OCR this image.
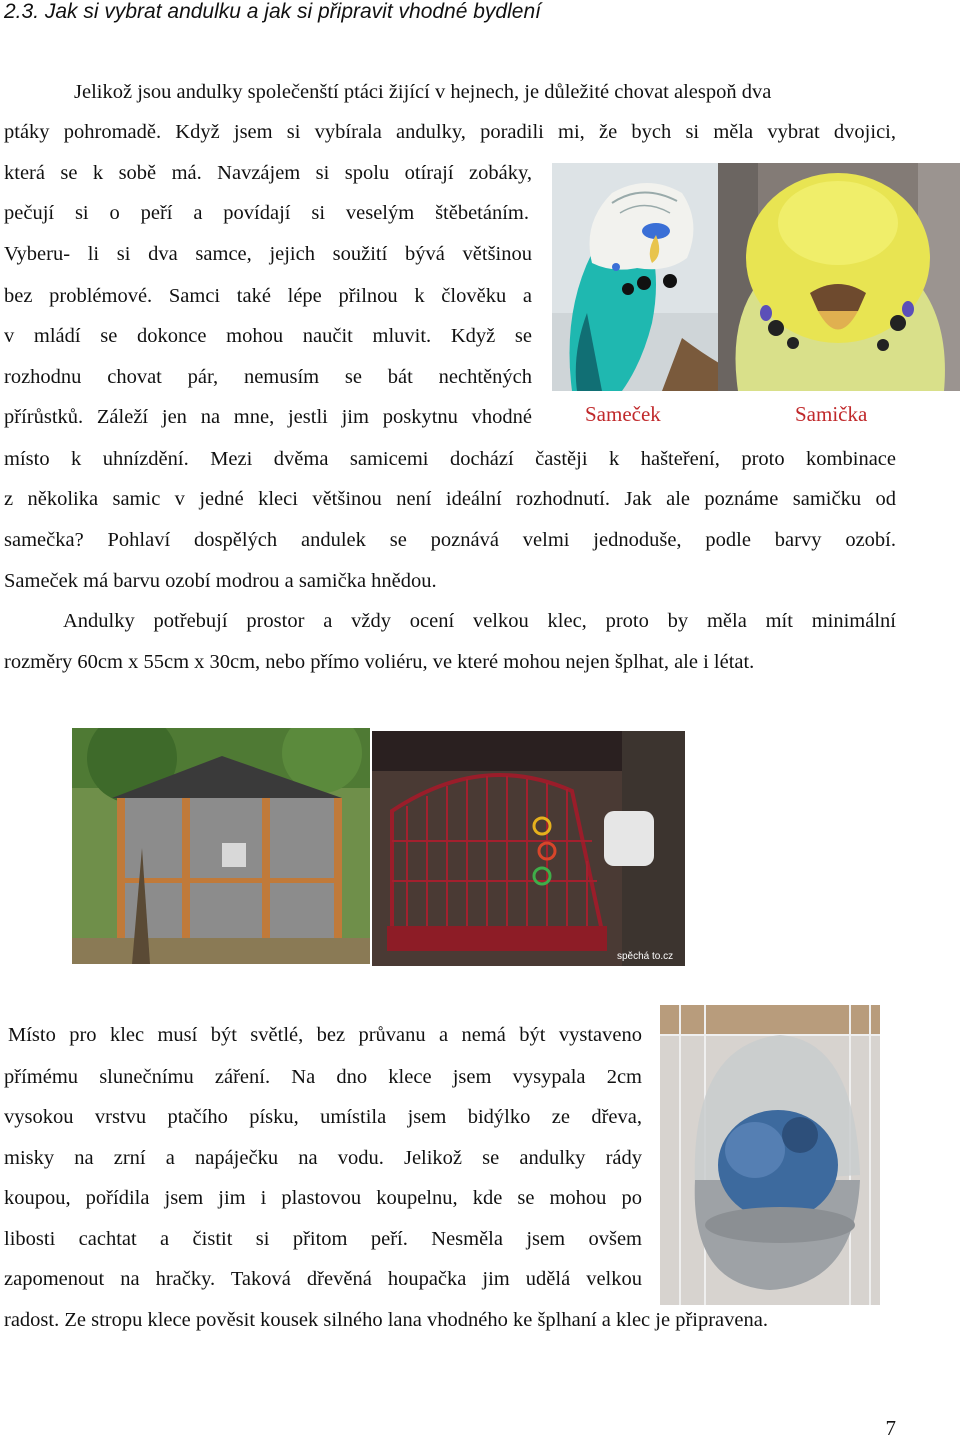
2.3. Jak si vybrat andulku a jak si připravit vhodné bydlení
Jelikož jsou andulky společenští ptáci žijící v hejnech, je důležité chovat alespoň dva
ptáky pohromadě. Když jsem si vybírala andulky, poradili mi, že bych si měla vybrat dvojici,
která se k sobě má. Navzájem si spolu otírají zobáky,
pečují si o peří a povídají si veselým štěbetáním.
Vyberu- li si dva samce, jejich soužití bývá většinou
bez problémové. Samci také lépe přilnou k člověku a
v mládí se dokonce mohou naučit mluvit. Když se
rozhodnu chovat pár, nemusím se bát nechtěných
přírůstků. Záleží jen na mne, jestli jim poskytnu vhodné
místo k uhnízdění. Mezi dvěma samicemi dochází častěji k hašteření, proto kombinace
z několika samic v jedné kleci většinou není ideální rozhodnutí. Jak ale poznáme samičku od
samečka? Pohlaví dospělých andulek se poznává velmi jednoduše, podle barvy ozobí.
Sameček má barvu ozobí modrou a samička hnědou.
Sameček	Samička
Andulky potřebují prostor a vždy ocení velkou klec, proto by měla mít minimální
rozměry 60cm x 55cm x 30cm, nebo přímo voliéru, ve které mohou nejen šplhat, ale i létat.
spěchá to.cz
Místo pro klec musí být světlé, bez průvanu a nemá být vystaveno
přímému slunečnímu záření. Na dno klece jsem vysypala 2cm
vysokou vrstvu ptačího písku, umístila jsem bidýlko ze dřeva,
misky na zrní a napáječku na vodu. Jelikož se andulky rády
koupou, pořídila jsem jim i plastovou koupelnu, kde se mohou po
libosti cachtat a čistit si přitom peří. Nesměla jsem ovšem
zapomenout na hračky. Taková dřevěná houpačka jim udělá velkou
radost. Ze stropu klece pověsit kousek silného lana vhodného ke šplhaní a klec je připravena.
7
